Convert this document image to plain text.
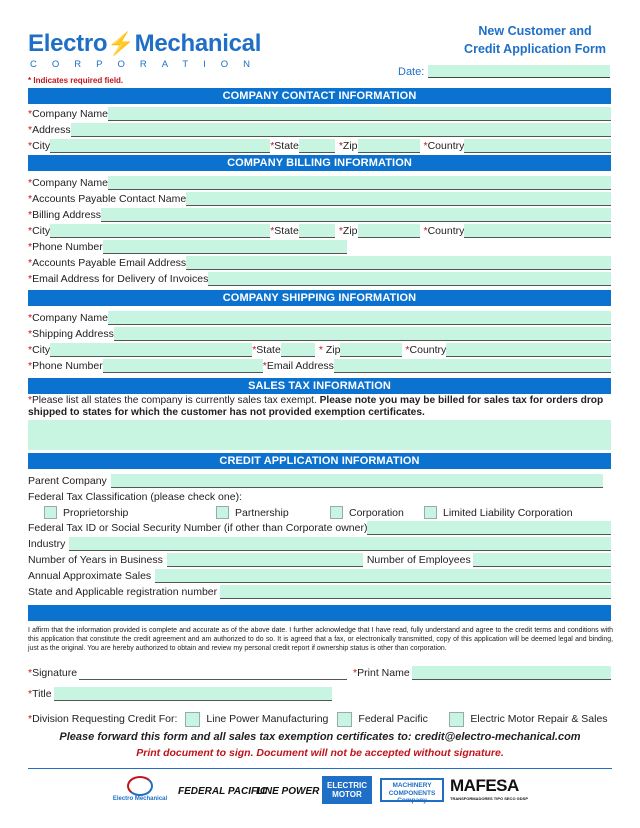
Electro⚡Mechanical
CORPORATION
New Customer and
Credit Application Form
Date:
* Indicates required field.
COMPANY CONTACT INFORMATION
*Company Name
*Address
*City	*State	*Zip	*Country
COMPANY BILLING INFORMATION
*Company Name
*Accounts Payable Contact Name
*Billing Address
*City	*State	*Zip	*Country
*Phone Number
*Accounts Payable Email Address
*Email Address for Delivery of Invoices
COMPANY SHIPPING INFORMATION
*Company Name
*Shipping Address
*City	*State	* Zip	*Country
*Phone Number	*Email Address
SALES TAX INFORMATION
*Please list all states the company is currently sales tax exempt. Please note you may be billed for sales tax for orders drop shipped to states for which the customer has not provided exemption certificates.
CREDIT APPLICATION INFORMATION
Parent Company
Federal Tax Classification (please check one):
Proprietorship	Partnership	Corporation	Limited Liability Corporation
Federal Tax ID or Social Security Number (if other than Corporate owner)
Industry
Number of Years in Business	Number of Employees
Annual Approximate Sales
State and Applicable registration number
I affirm that the information provided is complete and accurate as of the above date. I further acknowledge that I have read, fully understand and agree to the credit terms and conditions with this application that constitute the credit agreement and am authorized to do so. It is agreed that a fax, or electronically transmitted, copy of this application will be deemed legal and binding, just as the original. You are hereby authorized to obtain and review my personal credit report if ownership status is other than corporation.
*Signature	*Print Name
*Title
*Division Requesting Credit For:	Line Power Manufacturing	Federal Pacific	Electric Motor Repair & Sales
Please forward this form and all sales tax exemption certificates to: credit@electro-mechanical.com
Print document to sign. Document will not be accepted without signature.
Electro Mechanical
FEDERAL PACIFIC
LINE POWER
ELECTRIC MOTOR
MACHINERY COMPONENTS Company
MAFESA
TRANSFORMADORES TIPO SECO GDSP
